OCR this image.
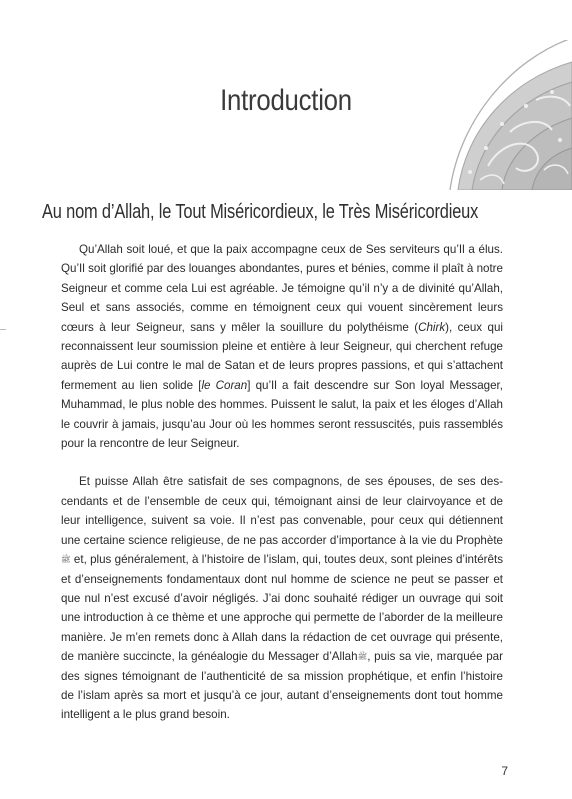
Introduction
Au nom d’Allah, le Tout Miséricordieux, le Très Miséricordieux

Qu’Allah soit loué, et que la paix accompagne ceux de Ses serviteurs qu’Il a élus. Qu’Il soit glorifié par des louanges abondantes, pures et bénies, comme il plaît à notre Seigneur et comme cela Lui est agréable. Je témoigne qu’il n’y a de divinité qu’Allah, Seul et sans associés, comme en témoignent ceux qui vouent sincèrement leurs cœurs à leur Seigneur, sans y mêler la souillure du polythéisme (Chirk), ceux qui reconnaissent leur soumission pleine et entière à leur Seigneur, qui cherchent refuge auprès de Lui contre le mal de Satan et de leurs propres passions, et qui s’attachent fermement au lien solide [le Coran] qu’Il a fait descendre sur Son loyal Messager, Muhammad, le plus noble des hommes. Puissent le salut, la paix et les éloges d’Allah le couvrir à jamais, jusqu’au Jour où les hommes seront ressuscités, puis rassemblés pour la rencontre de leur Seigneur.

Et puisse Allah être satisfait de ses compagnons, de ses épouses, de ses descendants et de l’ensemble de ceux qui, témoignant ainsi de leur clairvoyance et de leur intelligence, suivent sa voie. Il n’est pas convenable, pour ceux qui détiennent une certaine science religieuse, de ne pas accorder d’importance à la vie du Prophète ﷺ et, plus généralement, à l’histoire de l’islam, qui, toutes deux, sont pleines d’intérêts et d’enseignements fondamentaux dont nul homme de science ne peut se passer et que nul n’est excusé d’avoir négligés. J’ai donc souhaité rédiger un ouvrage qui soit une introduction à ce thème et une approche qui permette de l’aborder de la meilleure manière. Je m’en remets donc à Allah dans la rédaction de cet ouvrage qui présente, de manière succincte, la généalogie du Messager d’Allahﷺ, puis sa vie, marquée par des signes témoignant de l’authenticité de sa mission prophétique, et enfin l’histoire de l’islam après sa mort et jusqu’à ce jour, autant d’enseignements dont tout homme intelligent a le plus grand besoin.

7
